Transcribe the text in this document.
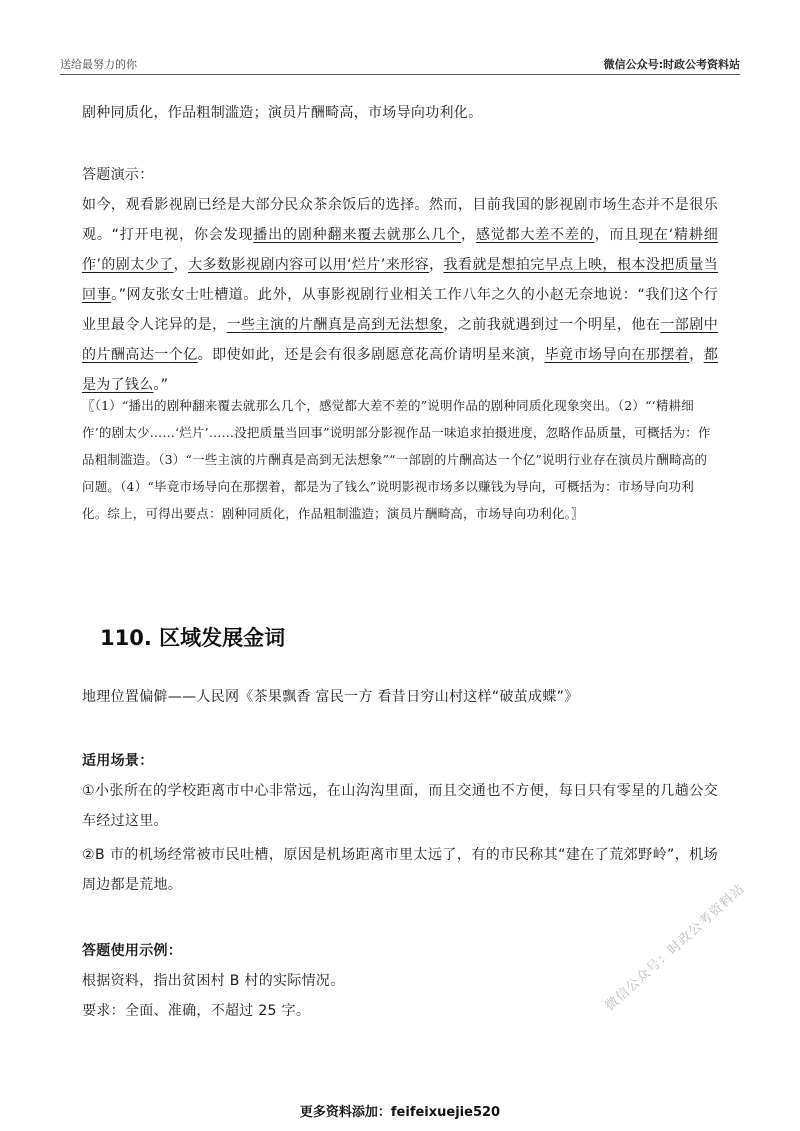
送给最努力的你	微信公众号:时政公考资料站

剧种同质化，作品粗制滥造；演员片酬畸高，市场导向功利化。

答题演示：

如今，观看影视剧已经是大部分民众茶余饭后的选择。然而，目前我国的影视剧市场生态并不是很乐观。“打开电视，你会发现播出的剧种翻来覆去就那么几个，感觉都大差不差的，而且现在‘精耕细作’的剧太少了，大多数影视剧内容可以用‘烂片’来形容，我看就是想拍完早点上映，根本没把质量当回事。”网友张女士吐槽道。此外，从事影视剧行业相关工作八年之久的小赵无奈地说：“我们这个行业里最令人诧异的是，一些主演的片酬真是高到无法想象，之前我就遇到过一个明星，他在一部剧中的片酬高达一个亿。即使如此，还是会有很多剧愿意花高价请明星来演，毕竟市场导向在那摆着，都是为了钱么。”

〖（1）“播出的剧种翻来覆去就那么几个，感觉都大差不差的”说明作品的剧种同质化现象突出。（2）“‘精耕细作’的剧太少……‘烂片’……没把质量当回事”说明部分影视作品一味追求拍摄进度，忽略作品质量，可概括为：作品粗制滥造。（3）“一些主演的片酬真是高到无法想象”“一部剧的片酬高达一个亿”说明行业存在演员片酬畸高的问题。（4）“毕竟市场导向在那摆着，都是为了钱么”说明影视市场多以赚钱为导向，可概括为：市场导向功利化。综上，可得出要点：剧种同质化，作品粗制滥造；演员片酬畸高，市场导向功利化。〗

110. 区域发展金词

地理位置偏僻——人民网《茶果飘香 富民一方 看昔日穷山村这样“破茧成蝶”》

适用场景：

①小张所在的学校距离市中心非常远，在山沟沟里面，而且交通也不方便，每日只有零星的几趟公交车经过这里。

②B 市的机场经常被市民吐槽，原因是机场距离市里太远了，有的市民称其“建在了荒郊野岭”，机场周边都是荒地。

答题使用示例：

根据资料，指出贫困村 B 村的实际情况。

要求：全面、准确，不超过 25 字。	微信公众号：时政公考资料站
更多资料添加：feifeixuejie520
